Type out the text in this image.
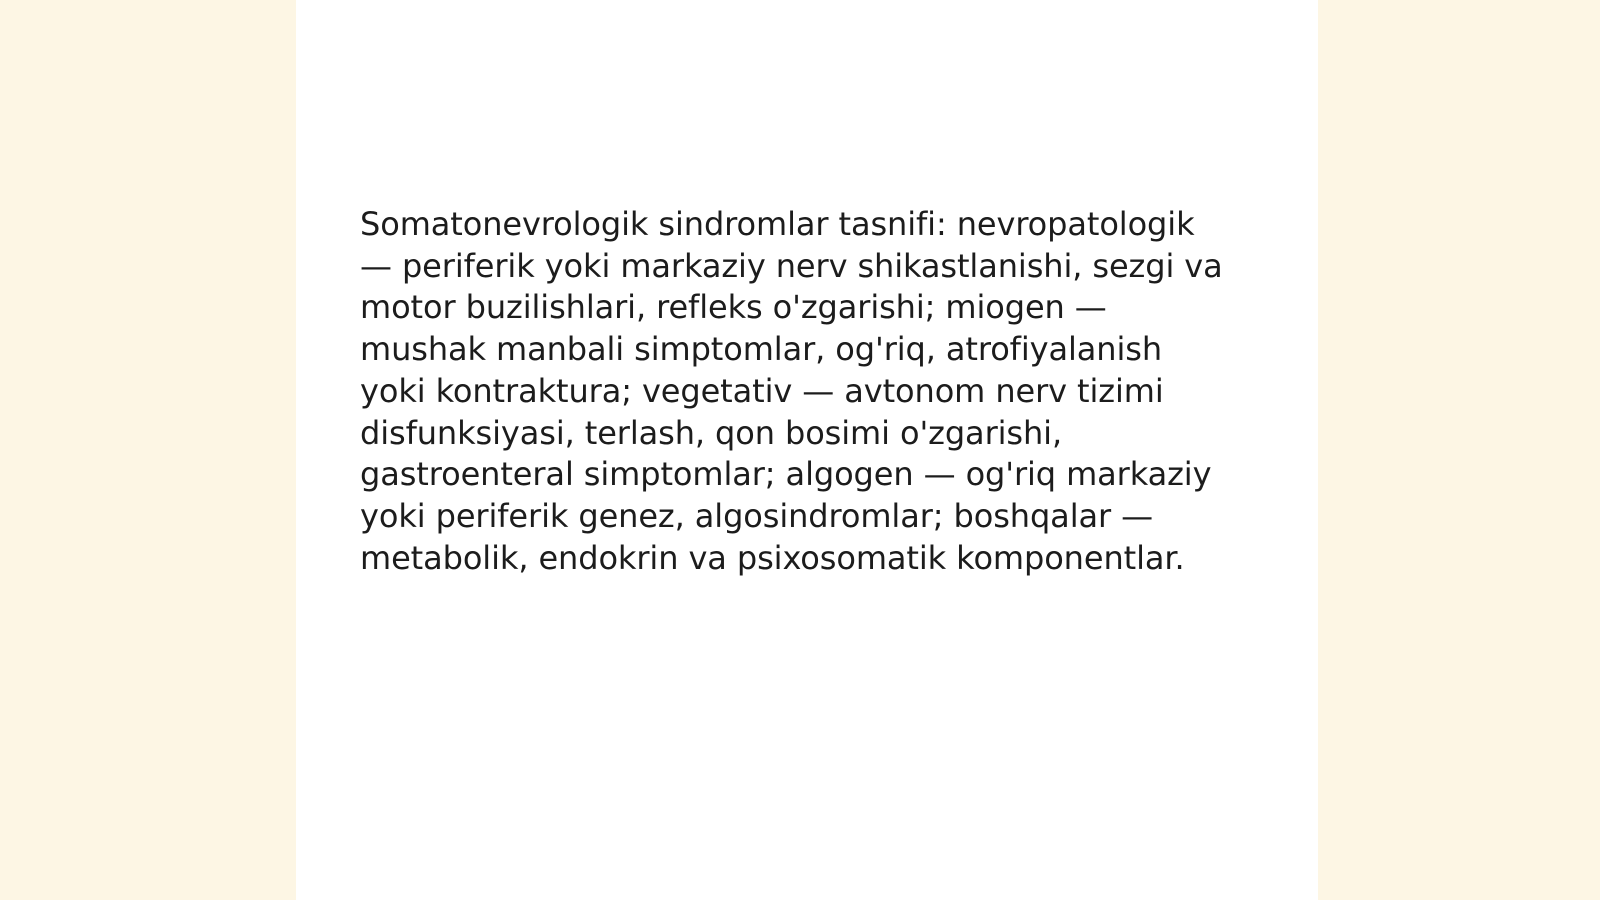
Somatonevrologik sindromlar tasnifi: nevropatologik
— periferik yoki markaziy nerv shikastlanishi, sezgi va
motor buzilishlari, refleks o'zgarishi; miogen —
mushak manbali simptomlar, og'riq, atrofiyalanish
yoki kontraktura; vegetativ — avtonom nerv tizimi
disfunksiyasi, terlash, qon bosimi o'zgarishi,
gastroenteral simptomlar; algogen — og'riq markaziy
yoki periferik genez, algosindromlar; boshqalar —
metabolik, endokrin va psixosomatik komponentlar.
